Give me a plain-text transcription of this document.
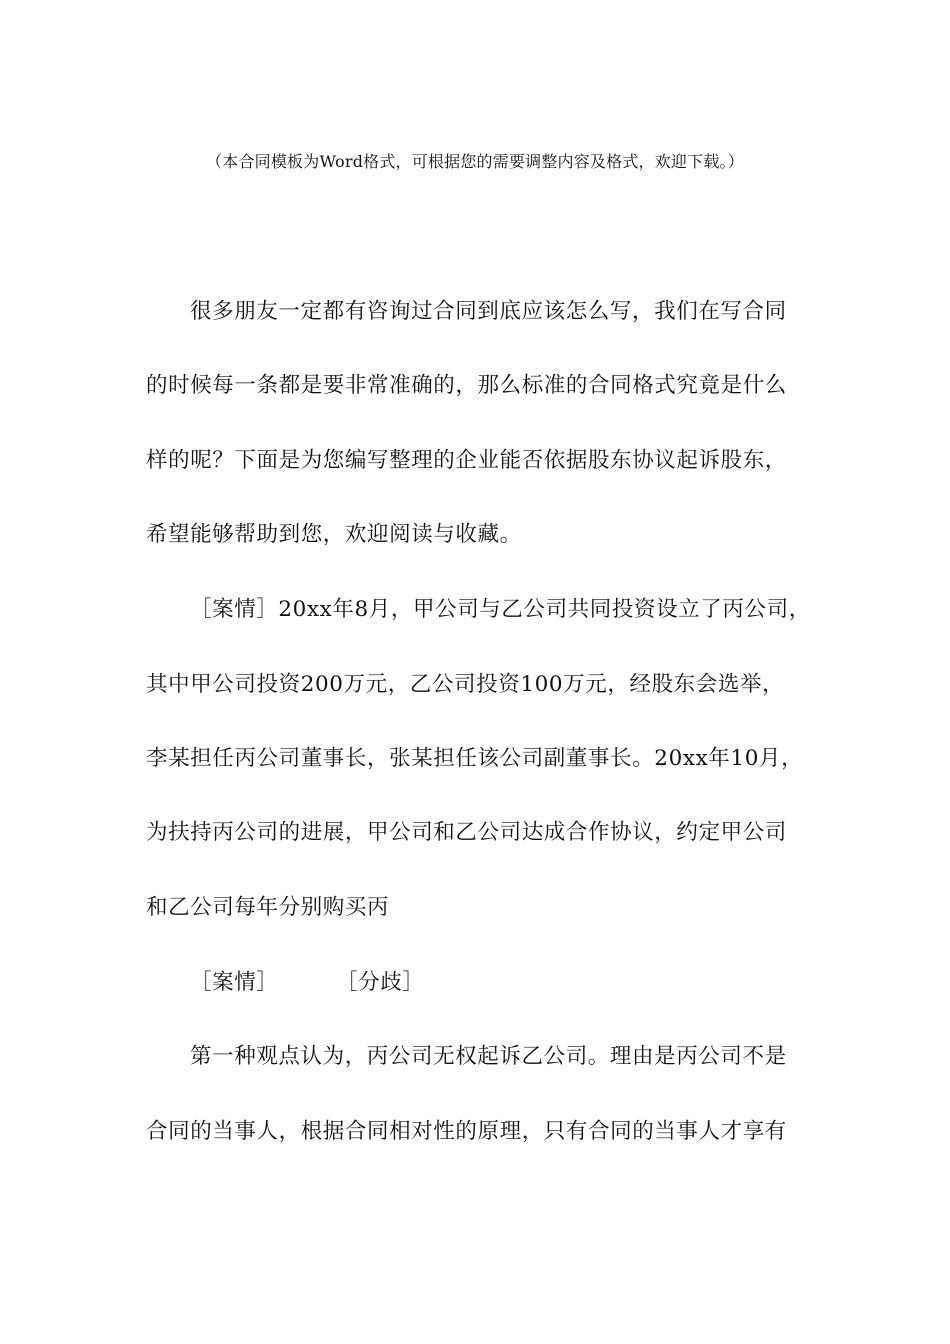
（本合同模板为Word格式，可根据您的需要调整内容及格式，欢迎下载。）
很多朋友一定都有咨询过合同到底应该怎么写，我们在写合同
的时候每一条都是要非常准确的，那么标准的合同格式究竟是什么
样的呢？下面是为您编写整理的企业能否依据股东协议起诉股东，
希望能够帮助到您，欢迎阅读与收藏。
［案情］20xx年8月，甲公司与乙公司共同投资设立了丙公司，
其中甲公司投资200万元，乙公司投资100万元，经股东会选举，
李某担任丙公司董事长，张某担任该公司副董事长。20xx年10月，
为扶持丙公司的进展，甲公司和乙公司达成合作协议，约定甲公司
和乙公司每年分别购买丙
［案情］	［分歧］
第一种观点认为，丙公司无权起诉乙公司。理由是丙公司不是
合同的当事人，根据合同相对性的原理，只有合同的当事人才享有
